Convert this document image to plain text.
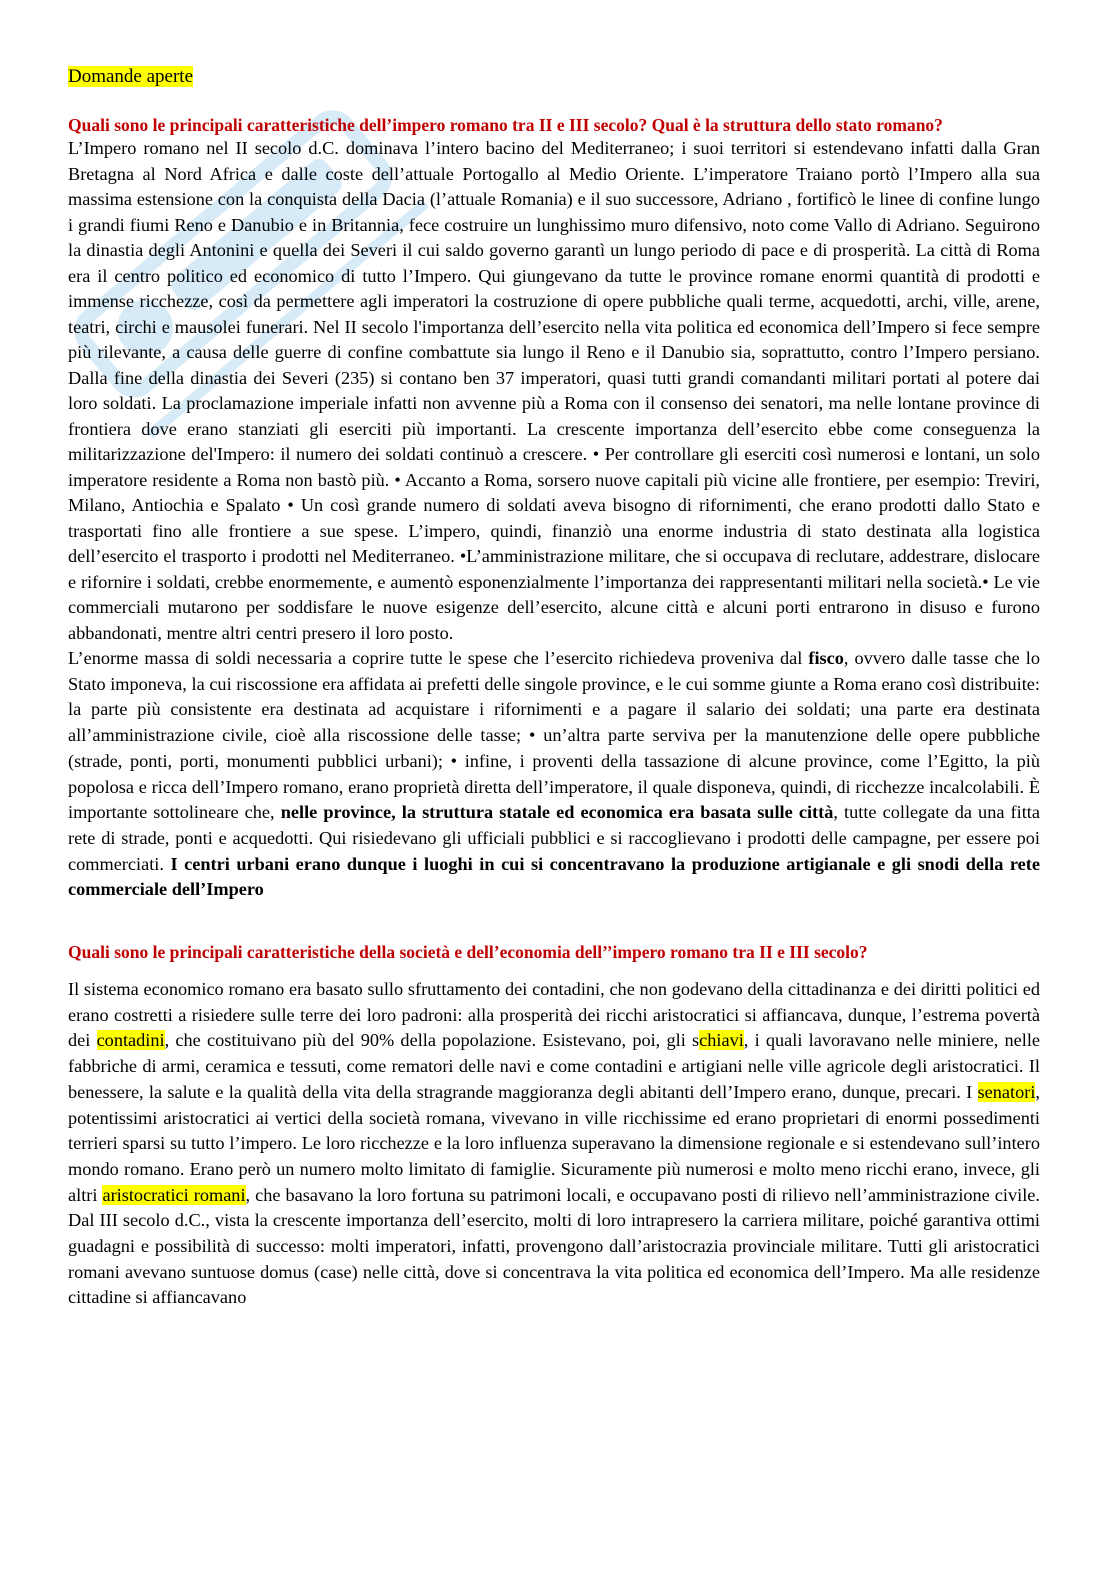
Domande aperte

Quali sono le principali caratteristiche dell’impero romano tra II e III secolo? Qual è la struttura dello stato romano?

L’Impero romano nel II secolo d.C. dominava l’intero bacino del Mediterraneo; i suoi territori si estendevano infatti dalla Gran Bretagna al Nord Africa e dalle coste dell’attuale Portogallo al Medio Oriente. L’imperatore Traiano portò l’Impero alla sua massima estensione con la conquista della Dacia (l’attuale Romania) e il suo successore, Adriano , fortificò le linee di confine lungo i grandi fiumi Reno e Danubio e in Britannia, fece costruire un lunghissimo muro difensivo, noto come Vallo di Adriano. Seguirono la dinastia degli Antonini e quella dei Severi il cui saldo governo garantì un lungo periodo di pace e di prosperità. La città di Roma era il centro politico ed economico di tutto l’Impero. Qui giungevano da tutte le province romane enormi quantità di prodotti e immense ricchezze, così da permettere agli imperatori la costruzione di opere pubbliche quali terme, acquedotti, archi, ville, arene, teatri, circhi e mausolei funerari. Nel II secolo l'importanza dell’esercito nella vita politica ed economica dell’Impero si fece sempre più rilevante, a causa delle guerre di confine combattute sia lungo il Reno e il Danubio sia, soprattutto, contro l’Impero persiano. Dalla fine della dinastia dei Severi (235) si contano ben 37 imperatori, quasi tutti grandi comandanti militari portati al potere dai loro soldati. La proclamazione imperiale infatti non avvenne più a Roma con il consenso dei senatori, ma nelle lontane province di frontiera dove erano stanziati gli eserciti più importanti. La crescente importanza dell’esercito ebbe come conseguenza la militarizzazione del'Impero: il numero dei soldati continuò a crescere. • Per controllare gli eserciti così numerosi e lontani, un solo imperatore residente a Roma non bastò più. • Accanto a Roma, sorsero nuove capitali più vicine alle frontiere, per esempio: Treviri, Milano, Antiochia e Spalato • Un così grande numero di soldati aveva bisogno di rifornimenti, che erano prodotti dallo Stato e trasportati fino alle frontiere a sue spese. L’impero, quindi, finanziò una enorme industria di stato destinata alla logistica dell’esercito el trasporto i prodotti nel Mediterraneo. •L’amministrazione militare, che si occupava di reclutare, addestrare, dislocare e rifornire i soldati, crebbe enormemente, e aumentò esponenzialmente l’importanza dei rappresentanti militari nella società.• Le vie commerciali mutarono per soddisfare le nuove esigenze dell’esercito, alcune città e alcuni porti entrarono in disuso e furono abbandonati, mentre altri centri presero il loro posto.

L’enorme massa di soldi necessaria a coprire tutte le spese che l’esercito richiedeva proveniva dal fisco, ovvero dalle tasse che lo Stato imponeva, la cui riscossione era affidata ai prefetti delle singole province, e le cui somme giunte a Roma erano così distribuite: la parte più consistente era destinata ad acquistare i rifornimenti e a pagare il salario dei soldati; una parte era destinata all’amministrazione civile, cioè alla riscossione delle tasse; • un’altra parte serviva per la manutenzione delle opere pubbliche (strade, ponti, porti, monumenti pubblici urbani); • infine, i proventi della tassazione di alcune province, come l’Egitto, la più popolosa e ricca dell’Impero romano, erano proprietà diretta dell’imperatore, il quale disponeva, quindi, di ricchezze incalcolabili. È importante sottolineare che, nelle province, la struttura statale ed economica era basata sulle città, tutte collegate da una fitta rete di strade, ponti e acquedotti. Qui risiedevano gli ufficiali pubblici e si raccoglievano i prodotti delle campagne, per essere poi commerciati. I centri urbani erano dunque i luoghi in cui si concentravano la produzione artigianale e gli snodi della rete commerciale dell’Impero

Quali sono le principali caratteristiche della società e dell’economia dell’’impero romano tra II e III secolo?

Il sistema economico romano era basato sullo sfruttamento dei contadini, che non godevano della cittadinanza e dei diritti politici ed erano costretti a risiedere sulle terre dei loro padroni: alla prosperità dei ricchi aristocratici si affiancava, dunque, l’estrema povertà dei contadini, che costituivano più del 90% della popolazione. Esistevano, poi, gli schiavi, i quali lavoravano nelle miniere, nelle fabbriche di armi, ceramica e tessuti, come rematori delle navi e come contadini e artigiani nelle ville agricole degli aristocratici. Il benessere, la salute e la qualità della vita della stragrande maggioranza degli abitanti dell’Impero erano, dunque, precari. I senatori, potentissimi aristocratici ai vertici della società romana, vivevano in ville ricchissime ed erano proprietari di enormi possedimenti terrieri sparsi su tutto l’impero. Le loro ricchezze e la loro influenza superavano la dimensione regionale e si estendevano sull’intero mondo romano. Erano però un numero molto limitato di famiglie. Sicuramente più numerosi e molto meno ricchi erano, invece, gli altri aristocratici romani, che basavano la loro fortuna su patrimoni locali, e occupavano posti di rilievo nell’amministrazione civile. Dal III secolo d.C., vista la crescente importanza dell’esercito, molti di loro intrapresero la carriera militare, poiché garantiva ottimi guadagni e possibilità di successo: molti imperatori, infatti, provengono dall’aristocrazia provinciale militare. Tutti gli aristocratici romani avevano suntuose domus (case) nelle città, dove si concentrava la vita politica ed economica dell’Impero. Ma alle residenze cittadine si affiancavano
